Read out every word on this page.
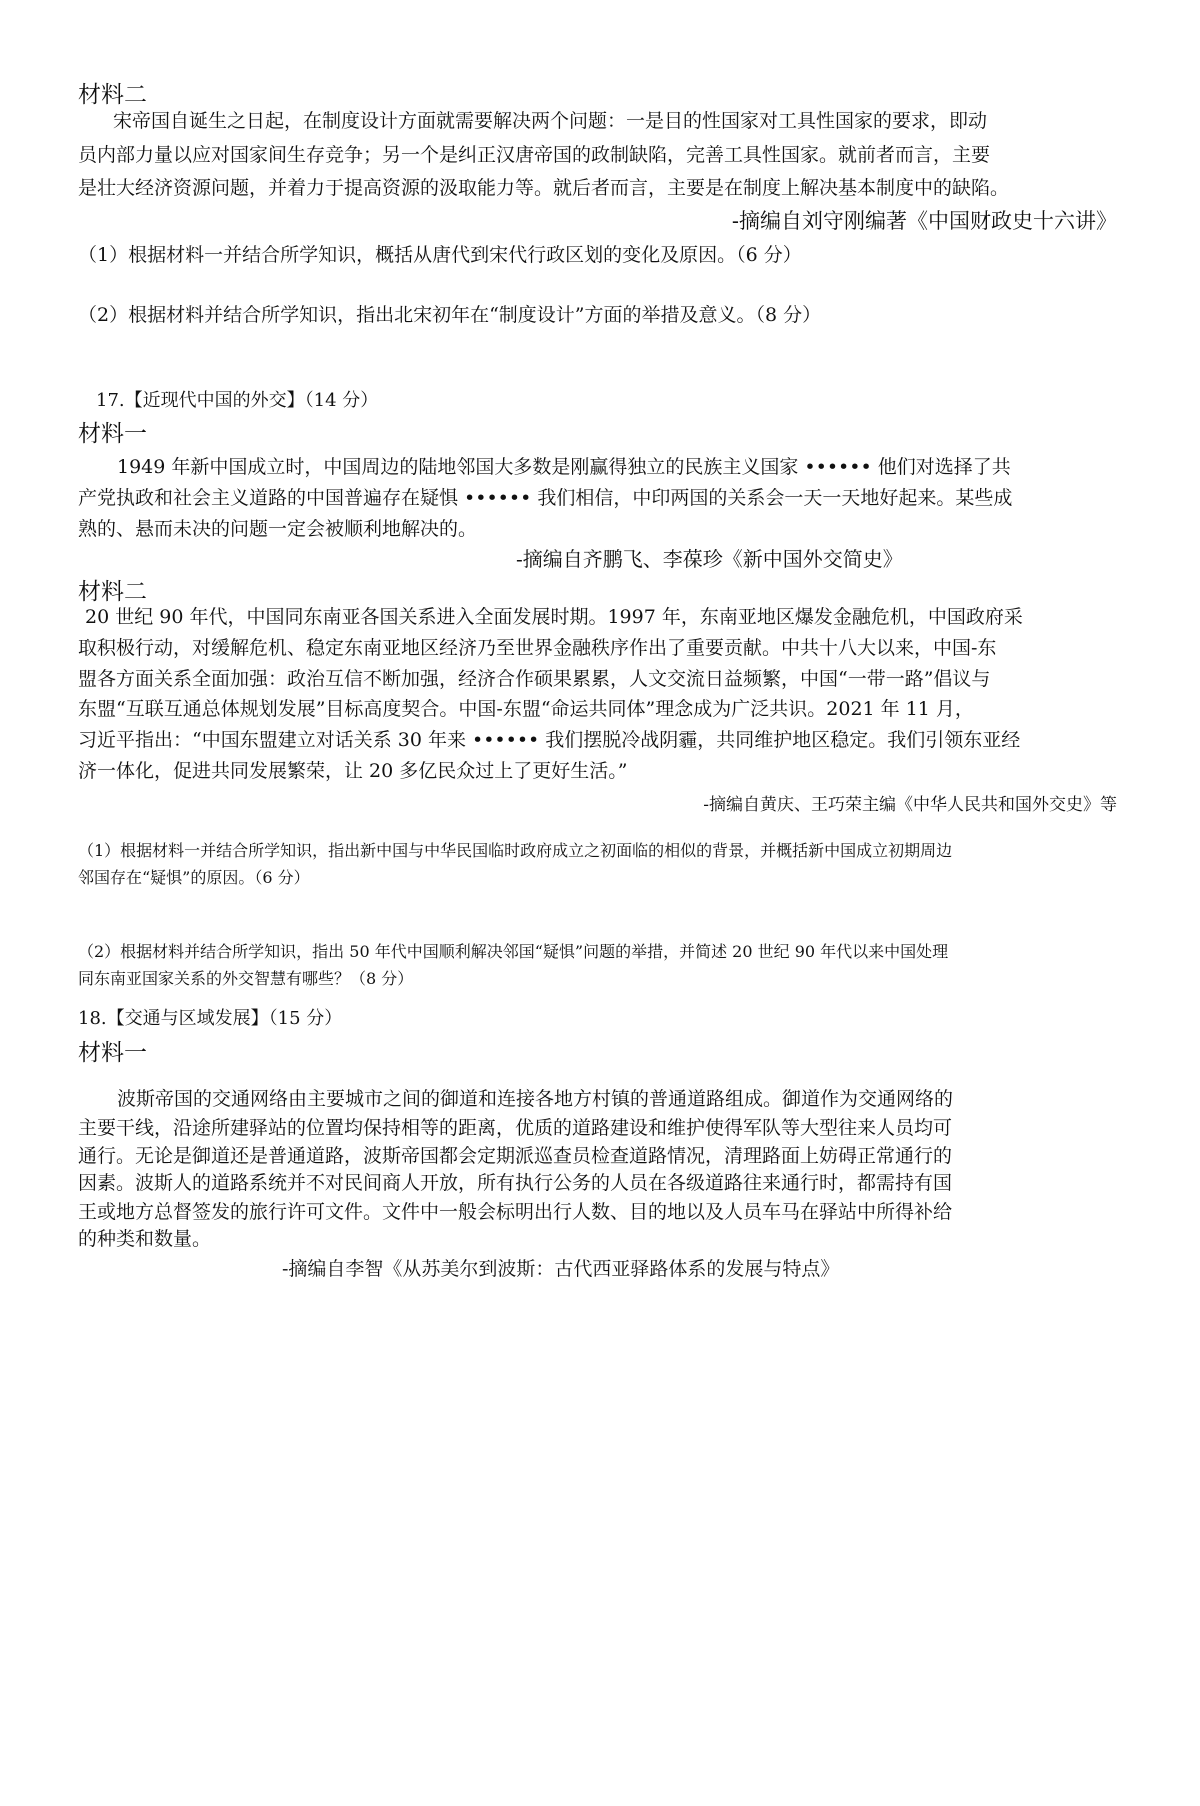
材料二
宋帝国自诞生之日起，在制度设计方面就需要解决两个问题：一是目的性国家对工具性国家的要求，即动
员内部力量以应对国家间生存竞争；另一个是纠正汉唐帝国的政制缺陷，完善工具性国家。就前者而言，主要
是壮大经济资源问题，并着力于提高资源的汲取能力等。就后者而言，主要是在制度上解决基本制度中的缺陷。
-摘编自刘守刚编著《中国财政史十六讲》
（1）根据材料一并结合所学知识，概括从唐代到宋代行政区划的变化及原因。（6 分）
（2）根据材料并结合所学知识，指出北宋初年在“制度设计”方面的举措及意义。（8 分）
17.【近现代中国的外交】（14 分）
材料一
1949 年新中国成立时，中国周边的陆地邻国大多数是刚赢得独立的民族主义国家 •••••• 他们对选择了共
产党执政和社会主义道路的中国普遍存在疑惧 •••••• 我们相信，中印两国的关系会一天一天地好起来。某些成
熟的、悬而未决的问题一定会被顺利地解决的。
-摘编自齐鹏飞、李葆珍《新中国外交简史》
材料二
20 世纪 90 年代，中国同东南亚各国关系进入全面发展时期。1997 年，东南亚地区爆发金融危机，中国政府采
取积极行动，对缓解危机、稳定东南亚地区经济乃至世界金融秩序作出了重要贡献。中共十八大以来，中国-东
盟各方面关系全面加强：政治互信不断加强，经济合作硕果累累，人文交流日益频繁，中国“一带一路”倡议与
东盟“互联互通总体规划发展”目标高度契合。中国-东盟“命运共同体”理念成为广泛共识。2021 年 11 月，
习近平指出：“中国东盟建立对话关系 30 年来 •••••• 我们摆脱冷战阴霾，共同维护地区稳定。我们引领东亚经
济一体化，促进共同发展繁荣，让 20 多亿民众过上了更好生活。”
-摘编自黄庆、王巧荣主编《中华人民共和国外交史》等
（1）根据材料一并结合所学知识，指出新中国与中华民国临时政府成立之初面临的相似的背景，并概括新中国成立初期周边
邻国存在“疑惧”的原因。（6 分）
（2）根据材料并结合所学知识，指出 50 年代中国顺利解决邻国“疑惧”问题的举措，并简述 20 世纪 90 年代以来中国处理
同东南亚国家关系的外交智慧有哪些？（8 分）
18.【交通与区域发展】（15 分）
材料一
波斯帝国的交通网络由主要城市之间的御道和连接各地方村镇的普通道路组成。御道作为交通网络的
主要干线，沿途所建驿站的位置均保持相等的距离，优质的道路建设和维护使得军队等大型往来人员均可
通行。无论是御道还是普通道路，波斯帝国都会定期派巡查员检查道路情况，清理路面上妨碍正常通行的
因素。波斯人的道路系统并不对民间商人开放，所有执行公务的人员在各级道路往来通行时，都需持有国
王或地方总督签发的旅行许可文件。文件中一般会标明出行人数、目的地以及人员车马在驿站中所得补给
的种类和数量。
-摘编自李智《从苏美尔到波斯：古代西亚驿路体系的发展与特点》
